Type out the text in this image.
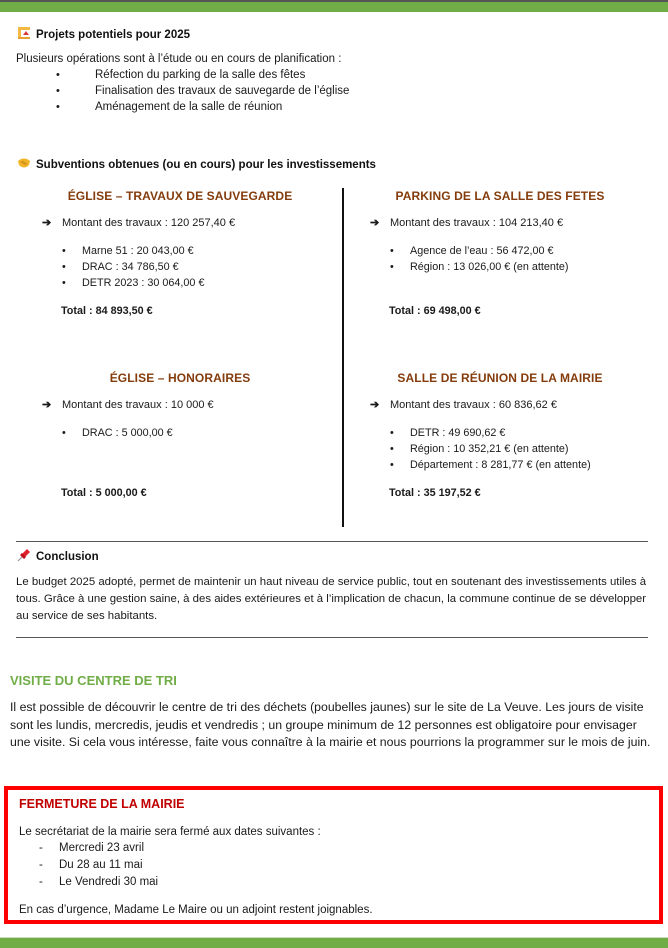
Projets potentiels pour 2025
Plusieurs opérations sont à l’étude ou en cours de planification :
•	Réfection du parking de la salle des fêtes
•	Finalisation des travaux de sauvegarde de l’église
•	Aménagement de la salle de réunion
Subventions obtenues (ou en cours) pour les investissements
ÉGLISE – TRAVAUX DE SAUVEGARDE
➔ Montant des travaux : 120 257,40 €
• Marne 51 : 20 043,00 €
• DRAC : 34 786,50 €
• DETR 2023 : 30 064,00 €
Total : 84 893,50 €
PARKING DE LA SALLE DES FETES
➔ Montant des travaux : 104 213,40 €
• Agence de l’eau : 56 472,00 €
• Région : 13 026,00 € (en attente)
Total : 69 498,00 €
ÉGLISE – HONORAIRES
➔ Montant des travaux : 10 000 €
• DRAC : 5 000,00 €
Total : 5 000,00 €
SALLE DE RÉUNION DE LA MAIRIE
➔ Montant des travaux : 60 836,62 €
• DETR : 49 690,62 €
• Région : 10 352,21 € (en attente)
• Département : 8 281,77 € (en attente)
Total : 35 197,52 €
Conclusion
Le budget 2025 adopté, permet de maintenir un haut niveau de service public, tout en soutenant des investissements utiles à tous. Grâce à une gestion saine, à des aides extérieures et à l’implication de chacun, la commune continue de se développer au service de ses habitants.
VISITE DU CENTRE DE TRI
Il est possible de découvrir le centre de tri des déchets (poubelles jaunes) sur le site de La Veuve. Les jours de visite sont les lundis, mercredis, jeudis et vendredis ; un groupe minimum de 12 personnes est obligatoire pour envisager une visite. Si cela vous intéresse, faite vous connaître à la mairie et nous pourrions la programmer sur le mois de juin.
FERMETURE DE LA MAIRIE
Le secrétariat de la mairie sera fermé aux dates suivantes :
- Mercredi 23 avril
- Du 28 au 11 mai
- Le Vendredi 30 mai
En cas d’urgence, Madame Le Maire ou un adjoint restent joignables.
